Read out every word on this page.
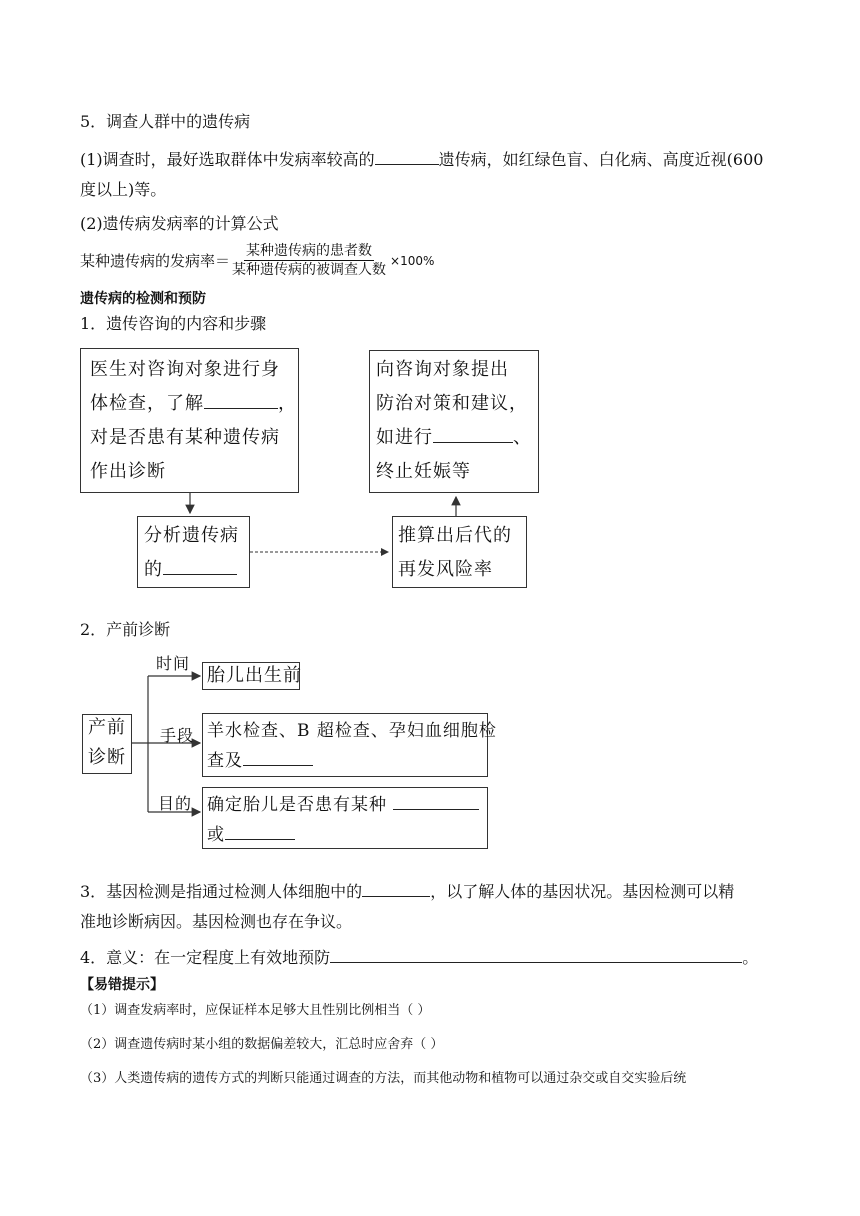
5．调查人群中的遗传病
(1)调查时，最好选取群体中发病率较高的	遗传病，如红绿色盲、白化病、高度近视(600
度以上)等。
(2)遗传病发病率的计算公式
某种遗传病的发病率＝ $\frac{\text{某种遗传病的患者数}}{\text{某种遗传病的被调查人数}} \times 100\%$
遗传病的检测和预防
1．遗传咨询的内容和步骤
医生对咨询对象进行身
体检查，了解	，
对是否患有某种遗传病
作出诊断
分析遗传病
的
推算出后代的
再发风险率
向咨询对象提出
防治对策和建议，
如进行	、
终止妊娠等
2．产前诊断
产前
诊断
时间
手段
目的
胎儿出生前
羊水检查、B 超检查、孕妇血细胞检
查及
确定胎儿是否患有某种
或
3．基因检测是指通过检测人体细胞中的	，以了解人体的基因状况。基因检测可以精
准地诊断病因。基因检测也存在争议。
4．意义：在一定程度上有效地预防	。
【易错提示】
（1）调查发病率时，应保证样本足够大且性别比例相当（ ）
（2）调查遗传病时某小组的数据偏差较大，汇总时应舍弃（ ）
（3）人类遗传病的遗传方式的判断只能通过调查的方法，而其他动物和植物可以通过杂交或自交实验后统
